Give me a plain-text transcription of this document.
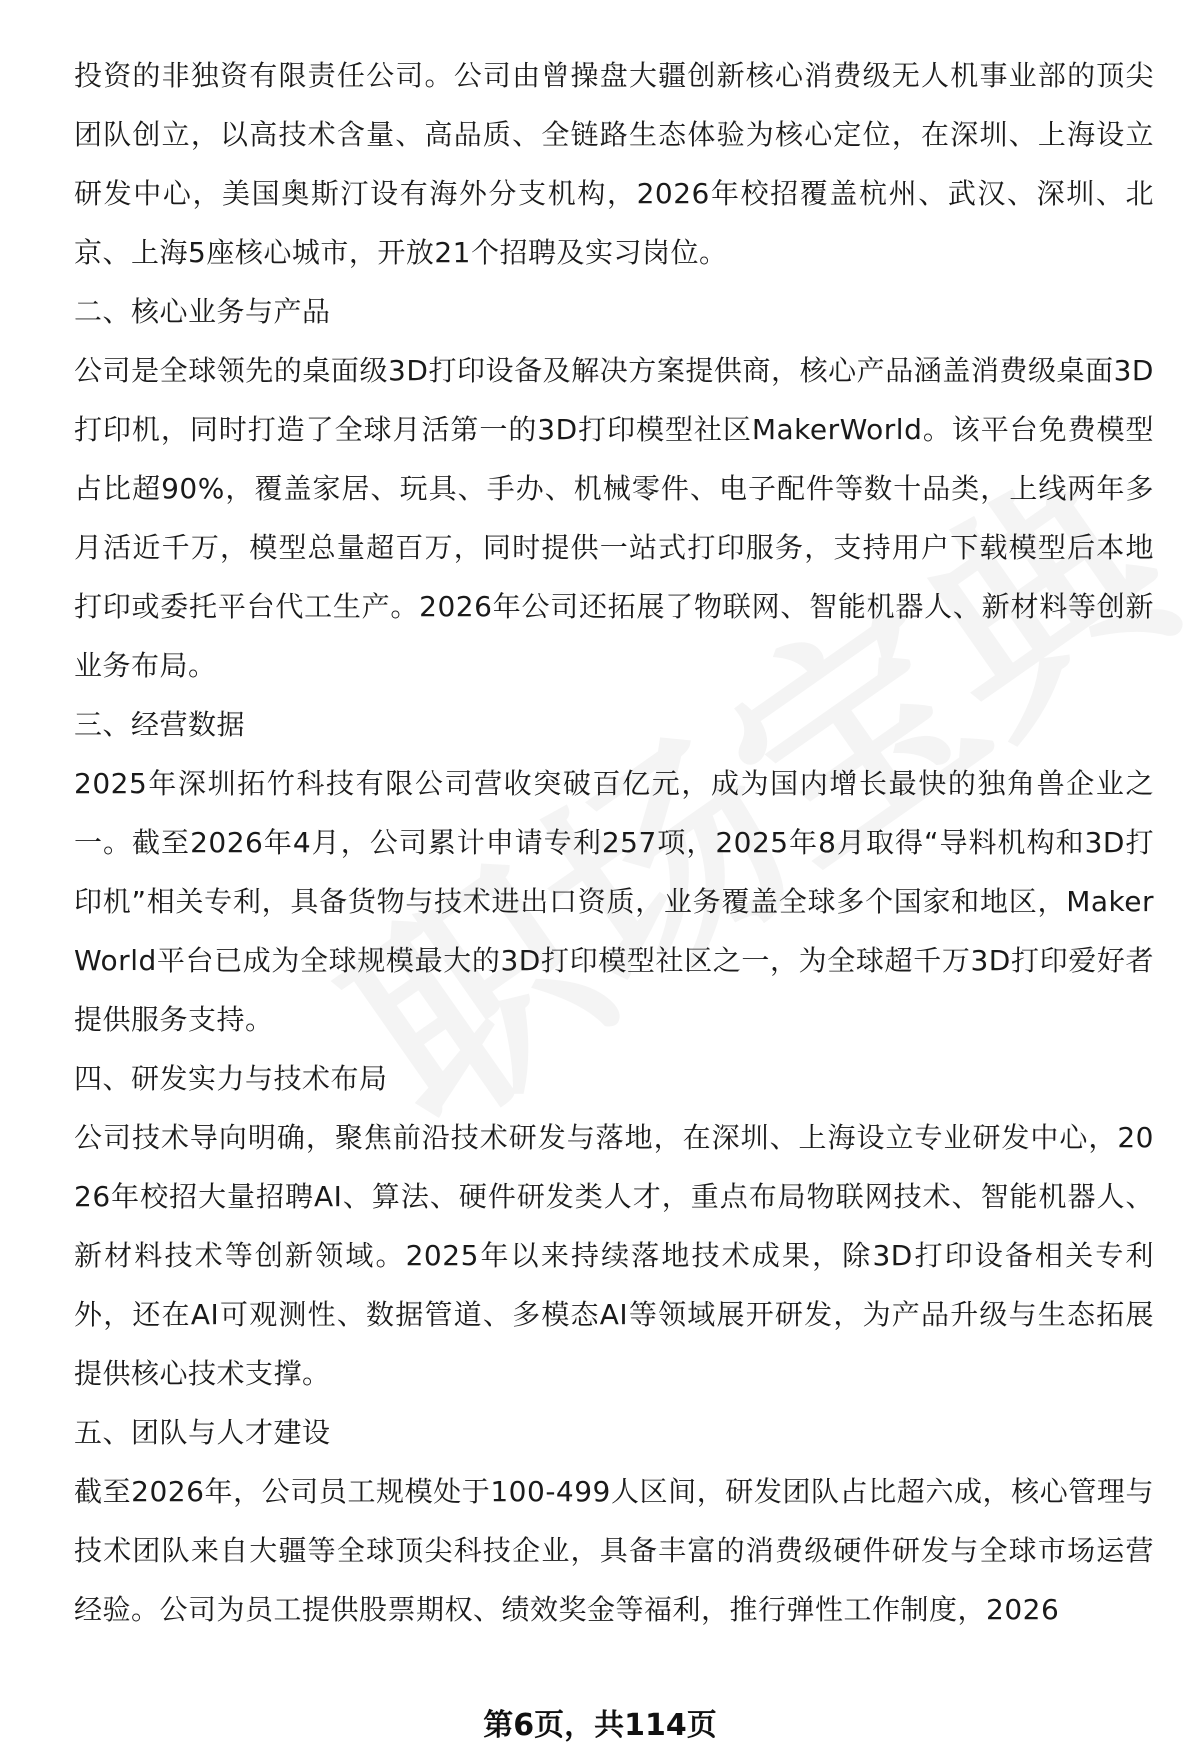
投资的非独资有限责任公司。公司由曾操盘大疆创新核心消费级无人机事业部的顶尖团队创立，以高技术含量、高品质、全链路生态体验为核心定位，在深圳、上海设立研发中心，美国奥斯汀设有海外分支机构，2026年校招覆盖杭州、武汉、深圳、北京、上海5座核心城市，开放21个招聘及实习岗位。

二、核心业务与产品

公司是全球领先的桌面级3D打印设备及解决方案提供商，核心产品涵盖消费级桌面3D打印机，同时打造了全球月活第一的3D打印模型社区MakerWorld。该平台免费模型占比超90%，覆盖家居、玩具、手办、机械零件、电子配件等数十品类，上线两年多月活近千万，模型总量超百万，同时提供一站式打印服务，支持用户下载模型后本地打印或委托平台代工生产。2026年公司还拓展了物联网、智能机器人、新材料等创新业务布局。

三、经营数据

2025年深圳拓竹科技有限公司营收突破百亿元，成为国内增长最快的独角兽企业之一。截至2026年4月，公司累计申请专利257项，2025年8月取得“导料机构和3D打印机”相关专利，具备货物与技术进出口资质，业务覆盖全球多个国家和地区，MakerWorld平台已成为全球规模最大的3D打印模型社区之一，为全球超千万3D打印爱好者提供服务支持。

四、研发实力与技术布局

公司技术导向明确，聚焦前沿技术研发与落地，在深圳、上海设立专业研发中心，2026年校招大量招聘AI、算法、硬件研发类人才，重点布局物联网技术、智能机器人、新材料技术等创新领域。2025年以来持续落地技术成果，除3D打印设备相关专利外，还在AI可观测性、数据管道、多模态AI等领域展开研发，为产品升级与生态拓展提供核心技术支撑。

五、团队与人才建设

截至2026年，公司员工规模处于100-499人区间，研发团队占比超六成，核心管理与技术团队来自大疆等全球顶尖科技企业，具备丰富的消费级硬件研发与全球市场运营经验。公司为员工提供股票期权、绩效奖金等福利，推行弹性工作制度，2026

第6页，共114页
